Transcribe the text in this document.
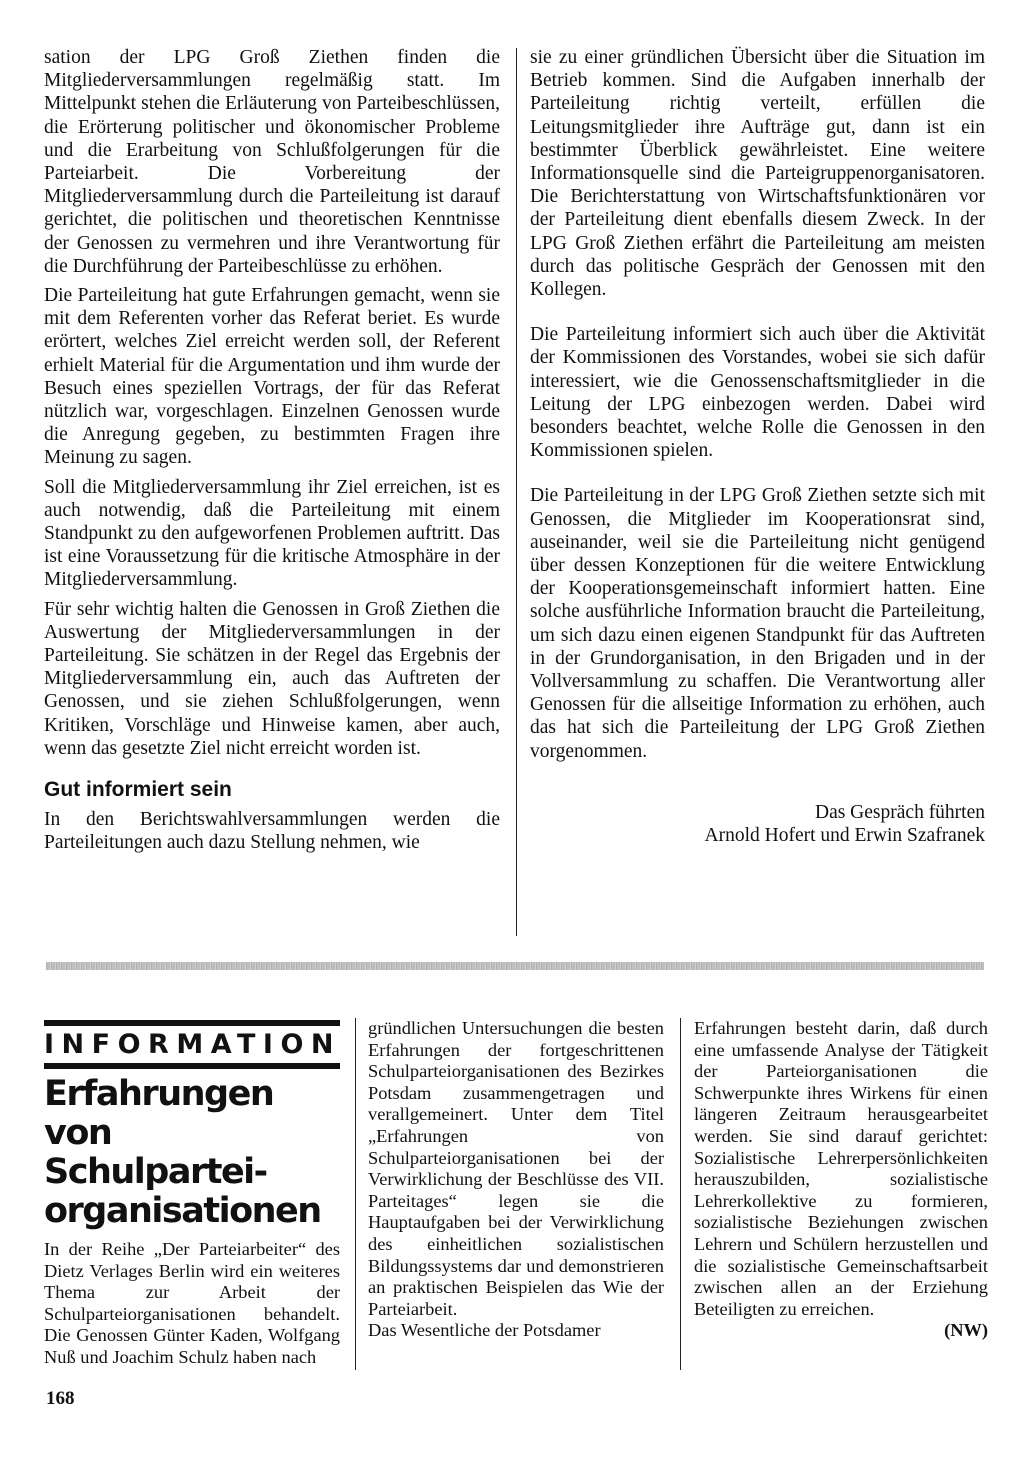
sation der LPG Groß Ziethen finden die Mitgliederversammlungen regelmäßig statt. Im Mittelpunkt stehen die Erläuterung von Parteibeschlüssen, die Erörterung politischer und ökonomischer Probleme und die Erarbeitung von Schlußfolgerungen für die Parteiarbeit. Die Vorbereitung der Mitgliederversammlung durch die Parteileitung ist darauf gerichtet, die politischen und theoretischen Kenntnisse der Genossen zu vermehren und ihre Verantwortung für die Durchführung der Parteibeschlüsse zu erhöhen.

Die Parteileitung hat gute Erfahrungen gemacht, wenn sie mit dem Referenten vorher das Referat beriet. Es wurde erörtert, welches Ziel erreicht werden soll, der Referent erhielt Material für die Argumentation und ihm wurde der Besuch eines speziellen Vortrags, der für das Referat nützlich war, vorgeschlagen. Einzelnen Genossen wurde die Anregung gegeben, zu bestimmten Fragen ihre Meinung zu sagen.

Soll die Mitgliederversammlung ihr Ziel erreichen, ist es auch notwendig, daß die Parteileitung mit einem Standpunkt zu den aufgeworfenen Problemen auftritt. Das ist eine Voraussetzung für die kritische Atmosphäre in der Mitgliederversammlung.

Für sehr wichtig halten die Genossen in Groß Ziethen die Auswertung der Mitgliederversammlungen in der Parteileitung. Sie schätzen in der Regel das Ergebnis der Mitgliederversammlung ein, auch das Auftreten der Genossen, und sie ziehen Schlußfolgerungen, wenn Kritiken, Vorschläge und Hinweise kamen, aber auch, wenn das gesetzte Ziel nicht erreicht worden ist.

Gut informiert sein

In den Berichtswahlversammlungen werden die Parteileitungen auch dazu Stellung nehmen, wie

sie zu einer gründlichen Übersicht über die Situation im Betrieb kommen. Sind die Aufgaben innerhalb der Parteileitung richtig verteilt, erfüllen die Leitungsmitglieder ihre Aufträge gut, dann ist ein bestimmter Überblick gewährleistet. Eine weitere Informationsquelle sind die Parteigruppenorganisatoren. Die Berichterstattung von Wirtschaftsfunktionären vor der Parteileitung dient ebenfalls diesem Zweck. In der LPG Groß Ziethen erfährt die Parteileitung am meisten durch das politische Gespräch der Genossen mit den Kollegen.

Die Parteileitung informiert sich auch über die Aktivität der Kommissionen des Vorstandes, wobei sie sich dafür interessiert, wie die Genossenschaftsmitglieder in die Leitung der LPG einbezogen werden. Dabei wird besonders beachtet, welche Rolle die Genossen in den Kommissionen spielen.

Die Parteileitung in der LPG Groß Ziethen setzte sich mit Genossen, die Mitglieder im Kooperationsrat sind, auseinander, weil sie die Parteileitung nicht genügend über dessen Konzeptionen für die weitere Entwicklung der Kooperationsgemeinschaft informiert hatten. Eine solche ausführliche Information braucht die Parteileitung, um sich dazu einen eigenen Standpunkt für das Auftreten in der Grundorganisation, in den Brigaden und in der Vollversammlung zu schaffen. Die Verantwortung aller Genossen für die allseitige Information zu erhöhen, auch das hat sich die Parteileitung der LPG Groß Ziethen vorgenommen.

Das Gespräch führten
Arnold Hofert und Erwin Szafranek

INFORMATION
Erfahrungen von Schulpartei-organisationen

In der Reihe „Der Parteiarbeiter“ des Dietz Verlages Berlin wird ein weiteres Thema zur Arbeit der Schulparteiorganisationen behandelt. Die Genossen Günter Kaden, Wolfgang Nuß und Joachim Schulz haben nach

gründlichen Untersuchungen die besten Erfahrungen der fortgeschrittenen Schulparteiorganisationen des Bezirkes Potsdam zusammengetragen und verallgemeinert. Unter dem Titel „Erfahrungen von Schulparteiorganisationen bei der Verwirklichung der Beschlüsse des VII. Parteitages“ legen sie die Hauptaufgaben bei der Verwirklichung des einheitlichen sozialistischen Bildungssystems dar und demonstrieren an praktischen Beispielen das Wie der Parteiarbeit.

Das Wesentliche der Potsdamer

Erfahrungen besteht darin, daß durch eine umfassende Analyse der Tätigkeit der Parteiorganisationen die Schwerpunkte ihres Wirkens für einen längeren Zeitraum herausgearbeitet werden. Sie sind darauf gerichtet: Sozialistische Lehrerpersönlichkeiten herauszubilden, sozialistische Lehrerkollektive zu formieren, sozialistische Beziehungen zwischen Lehrern und Schülern herzustellen und die sozialistische Gemeinschaftsarbeit zwischen allen an der Erziehung Beteiligten zu erreichen.

(NW)

168
